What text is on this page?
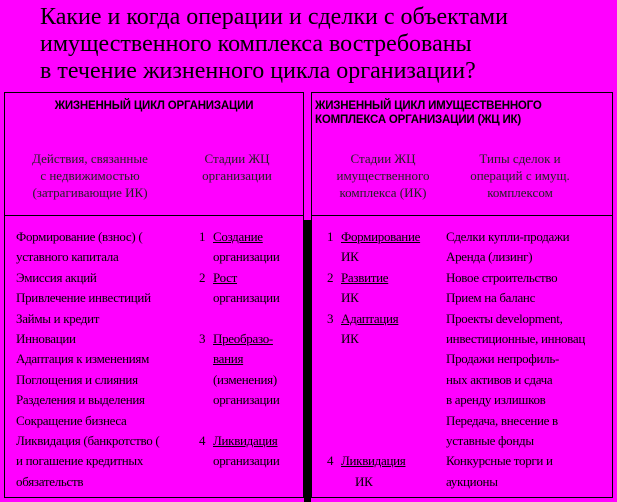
Какие и когда операции и сделки с объектами
имущественного комплекса востребованы
в течение жизненного цикла организации?
ЖИЗНЕННЫЙ ЦИКЛ ОРГАНИЗАЦИИ
Действия, связанные
с недвижимостью
(затрагивающие ИК)
Стадии ЖЦ
организации
Формирование (взнос) (
уставного капитала
Эмиссия акций
Привлечение инвестиций
Займы и кредит
Инновации
Адаптация к изменениям
Поглощения и слияния
Разделения и выделения
Сокращение бизнеса
Ликвидация (банкротство (
и погашение кредитных
обязательств
1 Создание
организации
2 Рост
организации
3 Преобразо-
вания
(изменения)
организации
4 Ликвидация
организации
ЖИЗНЕННЫЙ ЦИКЛ ИМУЩЕСТВЕННОГО
КОМПЛЕКСА ОРГАНИЗАЦИИ (ЖЦ ИК)
Стадии ЖЦ
имущественного
комплекса (ИК)
Типы сделок и
операций с имущ.
комплексом
1 Формирование
ИК
2 Развитие
ИК
3 Адаптация
ИК
4 Ликвидация
ИК
Сделки купли-продажи
Аренда (лизинг)
Новое строительство
Прием на баланс
Проекты development,
инвестиционные, инновац
Продажи непрофиль-
ных активов и сдача
в аренду излишков
Передача, внесение в
уставные фонды
Конкурсные торги и
аукционы
